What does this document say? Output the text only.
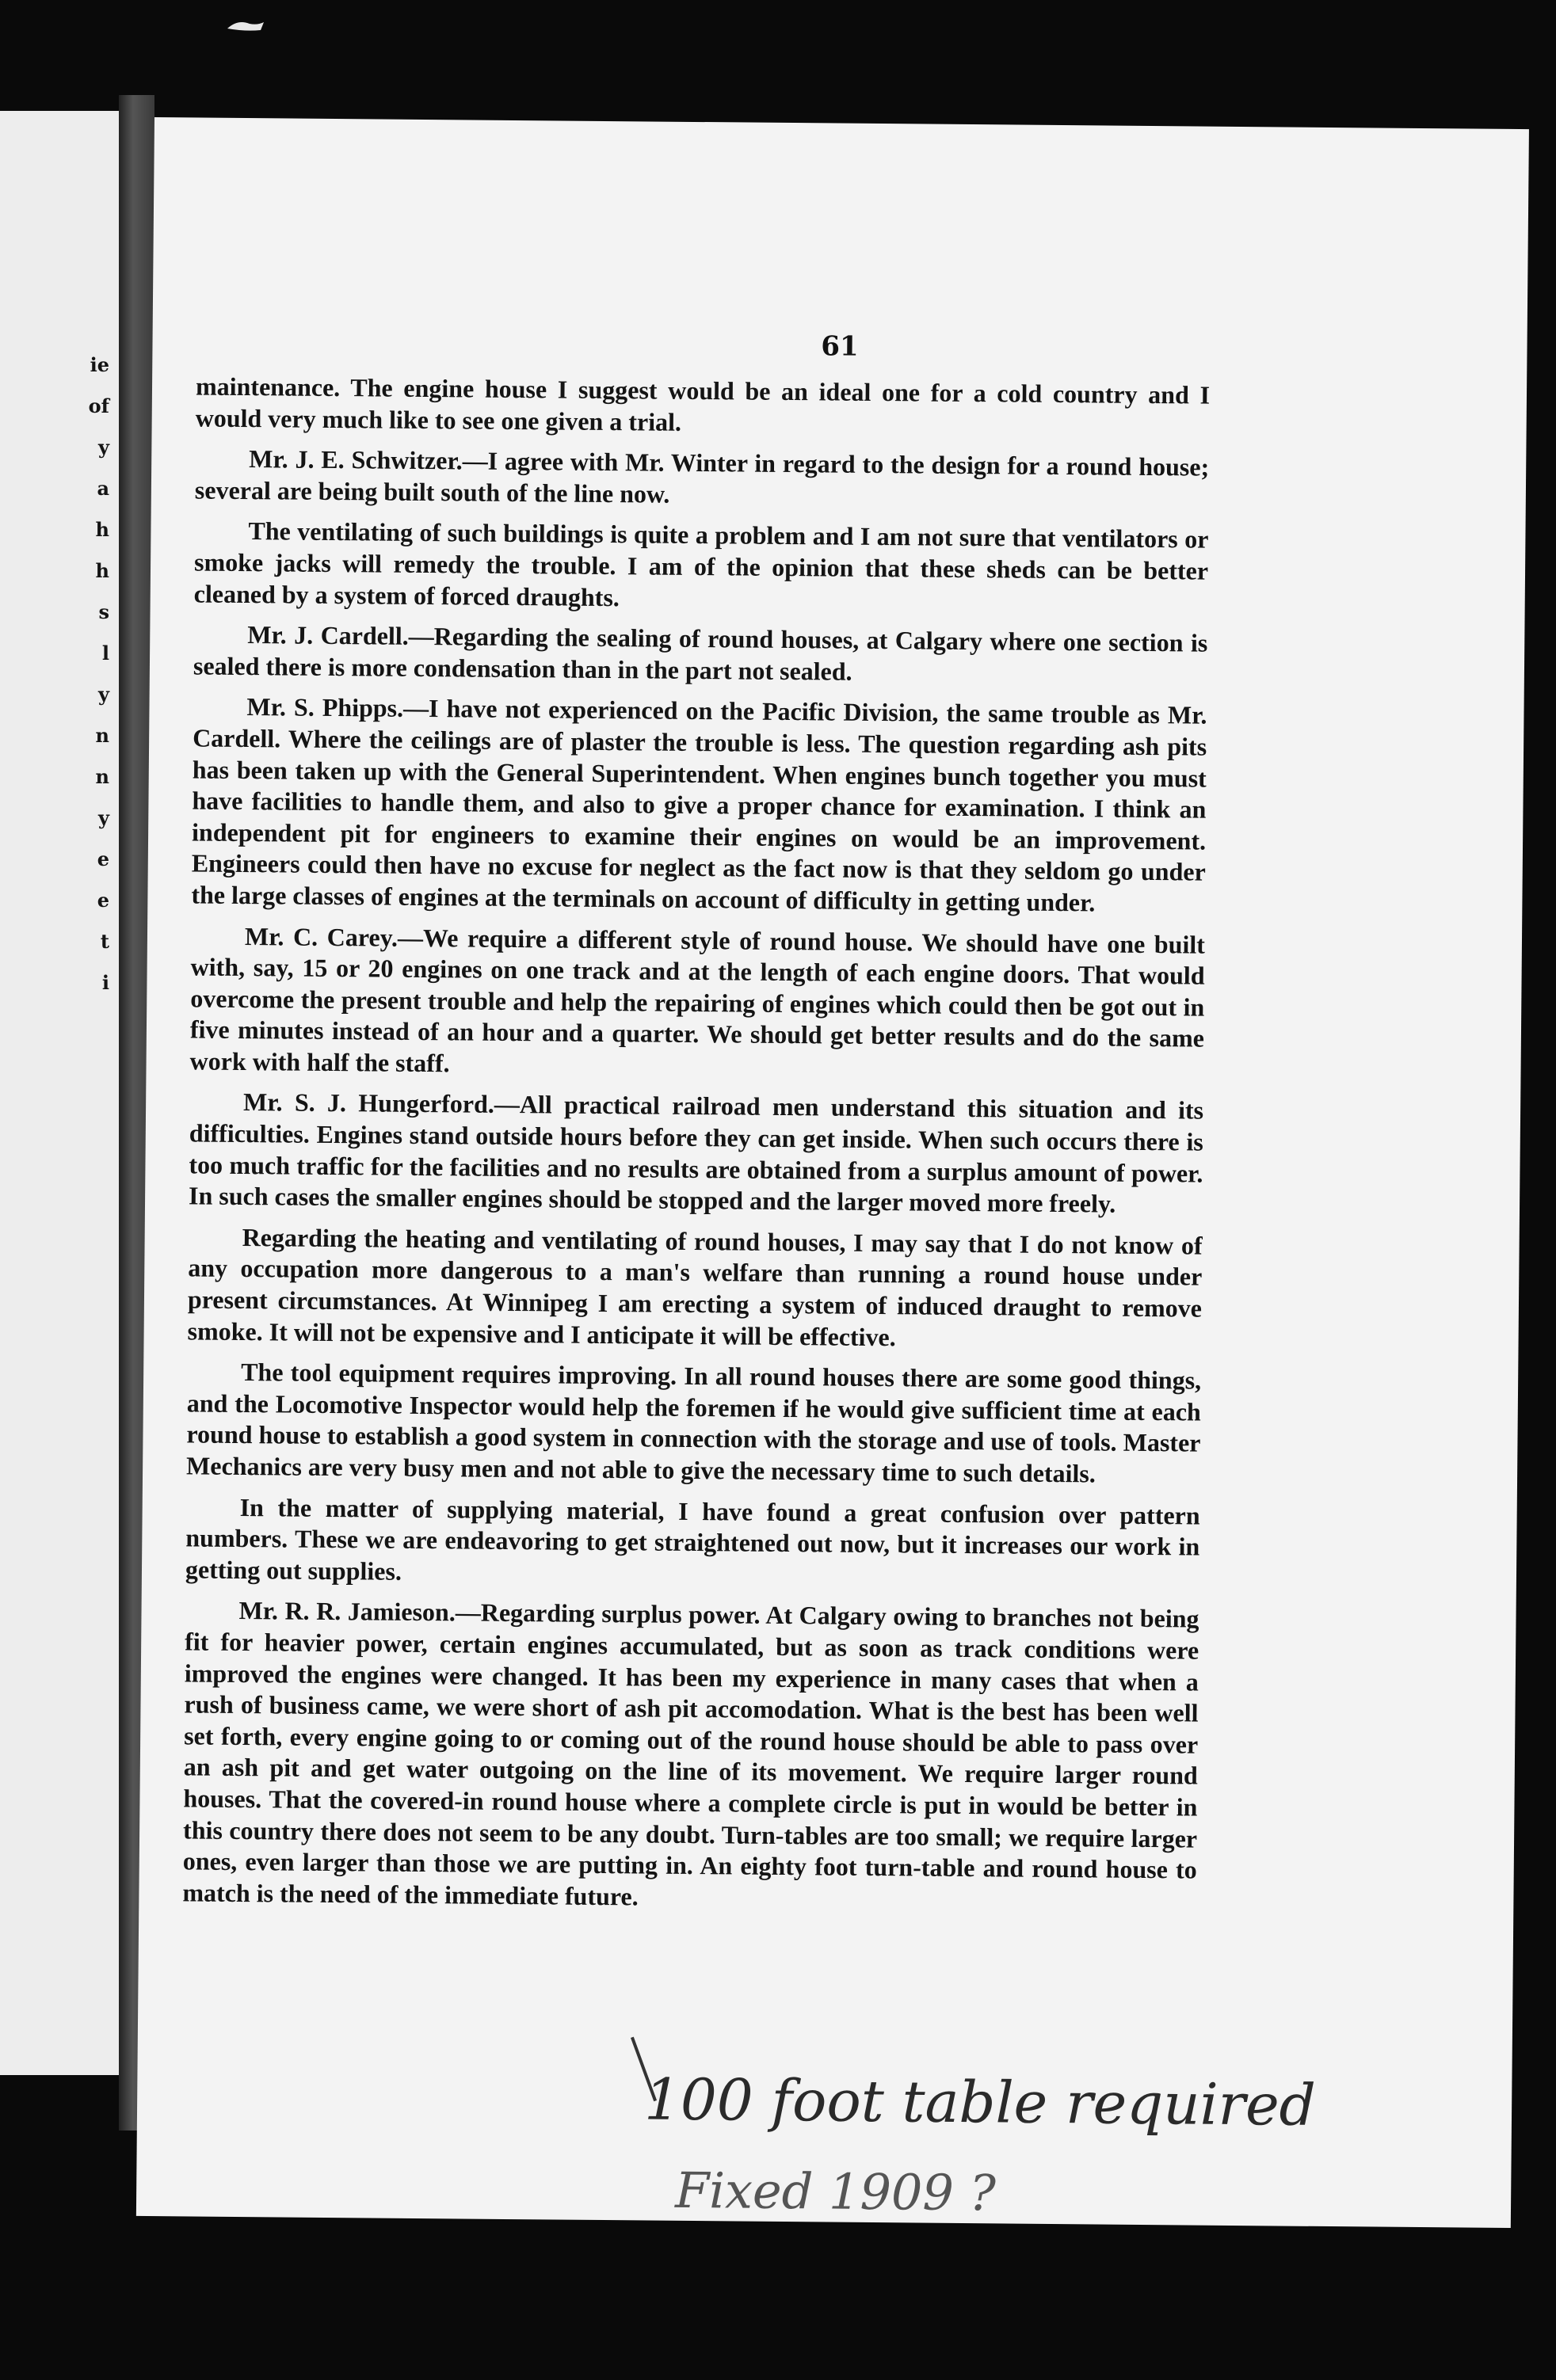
ie
of
y
a
h
h
s
l
y
n
n
y
e
e
t
i
61

maintenance. The engine house I suggest would be an ideal one for a cold country and I would very much like to see one given a trial.

Mr. J. E. Schwitzer.—I agree with Mr. Winter in regard to the design for a round house; several are being built south of the line now.

The ventilating of such buildings is quite a problem and I am not sure that ventilators or smoke jacks will remedy the trouble. I am of the opinion that these sheds can be better cleaned by a system of forced draughts.

Mr. J. Cardell.—Regarding the sealing of round houses, at Calgary where one section is sealed there is more condensation than in the part not sealed.

Mr. S. Phipps.—I have not experienced on the Pacific Division, the same trouble as Mr. Cardell. Where the ceilings are of plaster the trouble is less. The question regarding ash pits has been taken up with the General Superintendent. When engines bunch together you must have facilities to handle them, and also to give a proper chance for examination. I think an independent pit for engineers to examine their engines on would be an improvement. Engineers could then have no excuse for neglect as the fact now is that they seldom go under the large classes of engines at the terminals on account of difficulty in getting under.

Mr. C. Carey.—We require a different style of round house. We should have one built with, say, 15 or 20 engines on one track and at the length of each engine doors. That would overcome the present trouble and help the repairing of engines which could then be got out in five minutes instead of an hour and a quarter. We should get better results and do the same work with half the staff.

Mr. S. J. Hungerford.—All practical railroad men understand this situation and its difficulties. Engines stand outside hours before they can get inside. When such occurs there is too much traffic for the facilities and no results are obtained from a surplus amount of power. In such cases the smaller engines should be stopped and the larger moved more freely.

Regarding the heating and ventilating of round houses, I may say that I do not know of any occupation more dangerous to a man's welfare than running a round house under present circumstances. At Winnipeg I am erecting a system of induced draught to remove smoke. It will not be expensive and I anticipate it will be effective.

The tool equipment requires improving. In all round houses there are some good things, and the Locomotive Inspector would help the foremen if he would give sufficient time at each round house to establish a good system in connection with the storage and use of tools. Master Mechanics are very busy men and not able to give the necessary time to such details.

In the matter of supplying material, I have found a great confusion over pattern numbers. These we are endeavoring to get straightened out now, but it increases our work in getting out supplies.

Mr. R. R. Jamieson.—Regarding surplus power. At Calgary owing to branches not being fit for heavier power, certain engines accumulated, but as soon as track conditions were improved the engines were changed. It has been my experience in many cases that when a rush of business came, we were short of ash pit accomodation. What is the best has been well set forth, every engine going to or coming out of the round house should be able to pass over an ash pit and get water outgoing on the line of its movement. We require larger round houses. That the covered-in round house where a complete circle is put in would be better in this country there does not seem to be any doubt. Turn-tables are too small; we require larger ones, even larger than those we are putting in. An eighty foot turn-table and round house to match is the need of the immediate future.

100 foot table required
Fixed 1909 ?
